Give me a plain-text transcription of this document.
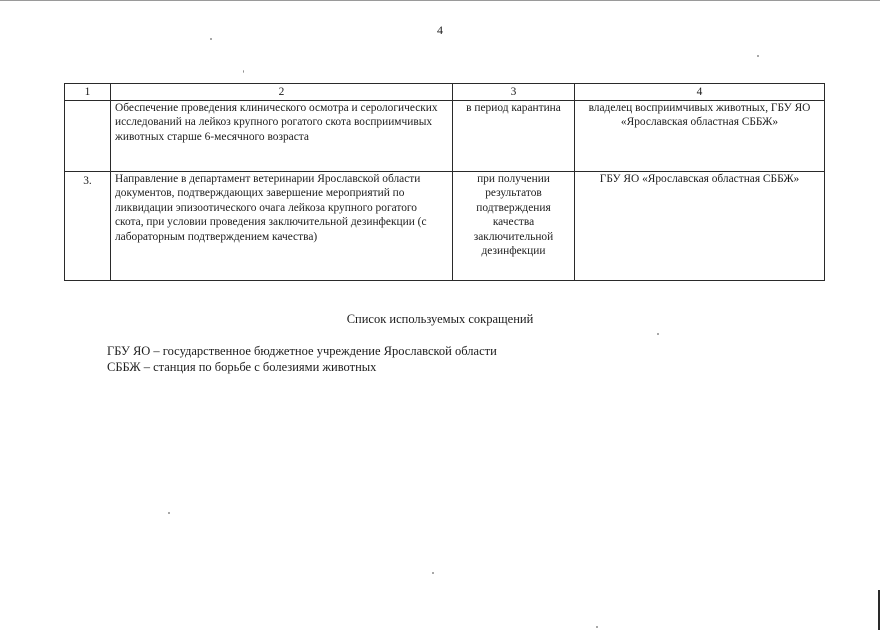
4
1	2	3	4
	Обеспечение проведения клинического осмотра и серологических исследований на лейкоз крупного рогатого скота восприимчивых животных старше 6-месячного возраста	в период карантина	владелец восприимчивых животных, ГБУ ЯО «Ярославская областная СББЖ»
3.	Направление в департамент ветеринарии Ярославской области документов, подтверждающих завершение мероприятий по ликвидации эпизоотического очага лейкоза крупного рогатого скота, при условии проведения заключительной дезинфекции (с лабораторным подтверждением качества)	при получении результатов подтверждения качества заключительной дезинфекции	ГБУ ЯО «Ярославская областная СББЖ»
Список используемых сокращений
ГБУ ЯО – государственное бюджетное учреждение Ярославской области
СББЖ – станция по борьбе с болезиями животных
